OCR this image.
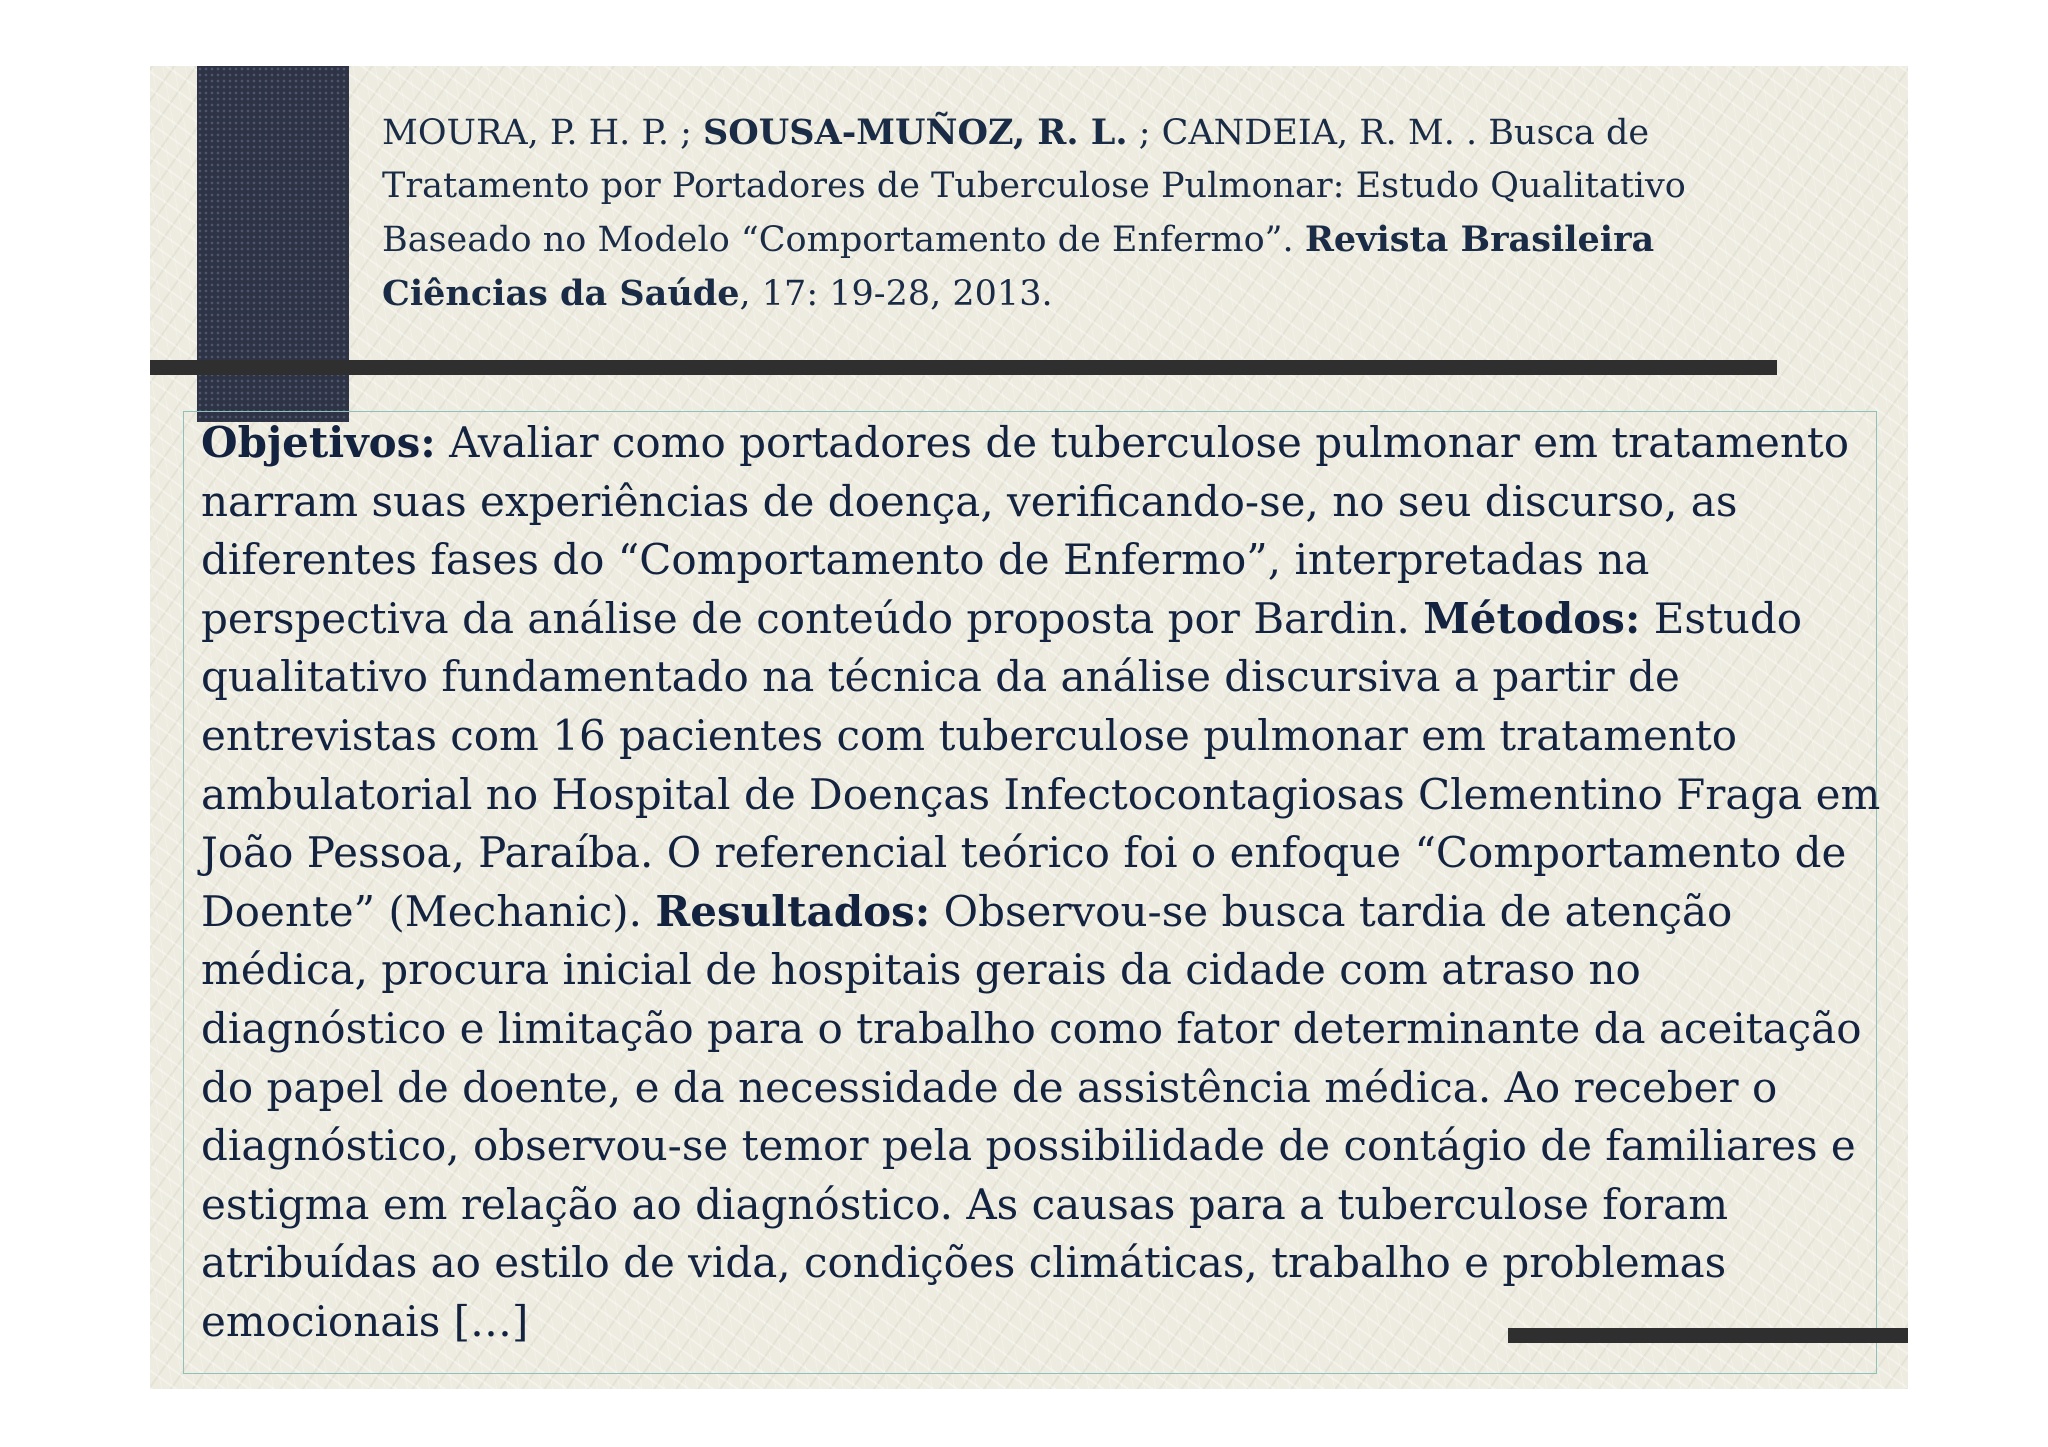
MOURA, P. H. P. ; SOUSA-MUÑOZ, R. L. ; CANDEIA, R. M. . Busca de Tratamento por Portadores de Tuberculose Pulmonar: Estudo Qualitativo Baseado no Modelo “Comportamento de Enfermo”. Revista Brasileira Ciências da Saúde, 17: 19-28, 2013.

Objetivos: Avaliar como portadores de tuberculose pulmonar em tratamento narram suas experiências de doença, verificando-se, no seu discurso, as diferentes fases do “Comportamento de Enfermo”, interpretadas na perspectiva da análise de conteúdo proposta por Bardin. Métodos: Estudo qualitativo fundamentado na técnica da análise discursiva a partir de entrevistas com 16 pacientes com tuberculose pulmonar em tratamento ambulatorial no Hospital de Doenças Infectocontagiosas Clementino Fraga em João Pessoa, Paraíba. O referencial teórico foi o enfoque “Comportamento de Doente” (Mechanic). Resultados: Observou-se busca tardia de atenção médica, procura inicial de hospitais gerais da cidade com atraso no diagnóstico e limitação para o trabalho como fator determinante da aceitação do papel de doente, e da necessidade de assistência médica. Ao receber o diagnóstico, observou-se temor pela possibilidade de contágio de familiares e estigma em relação ao diagnóstico. As causas para a tuberculose foram atribuídas ao estilo de vida, condições climáticas, trabalho e problemas emocionais […]
